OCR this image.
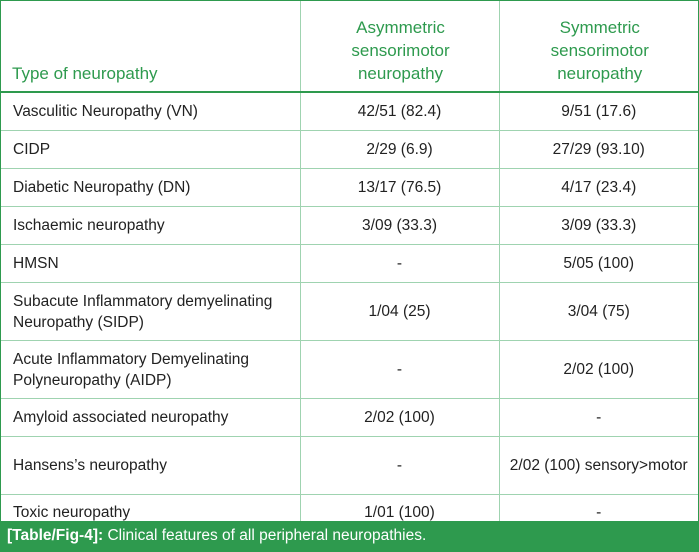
Type of neuropathy	Asymmetric sensorimotor neuropathy	Symmetric sensorimotor neuropathy

Vasculitic Neuropathy (VN)	42/51 (82.4)	9/51 (17.6)
CIDP	2/29 (6.9)	27/29 (93.10)
Diabetic Neuropathy (DN)	13/17 (76.5)	4/17 (23.4)
Ischaemic neuropathy	3/09 (33.3)	3/09 (33.3)
HMSN	-	5/05 (100)
Subacute Inflammatory demyelinating Neuropathy (SIDP)	1/04 (25)	3/04 (75)
Acute Inflammatory Demyelinating Polyneuropathy (AIDP)	-	2/02 (100)
Amyloid associated neuropathy	2/02 (100)	-
Hansens’s neuropathy	-	2/02 (100) sensory>motor
Toxic neuropathy	1/01 (100)	-
[Table/Fig-4]: Clinical features of all peripheral neuropathies.
